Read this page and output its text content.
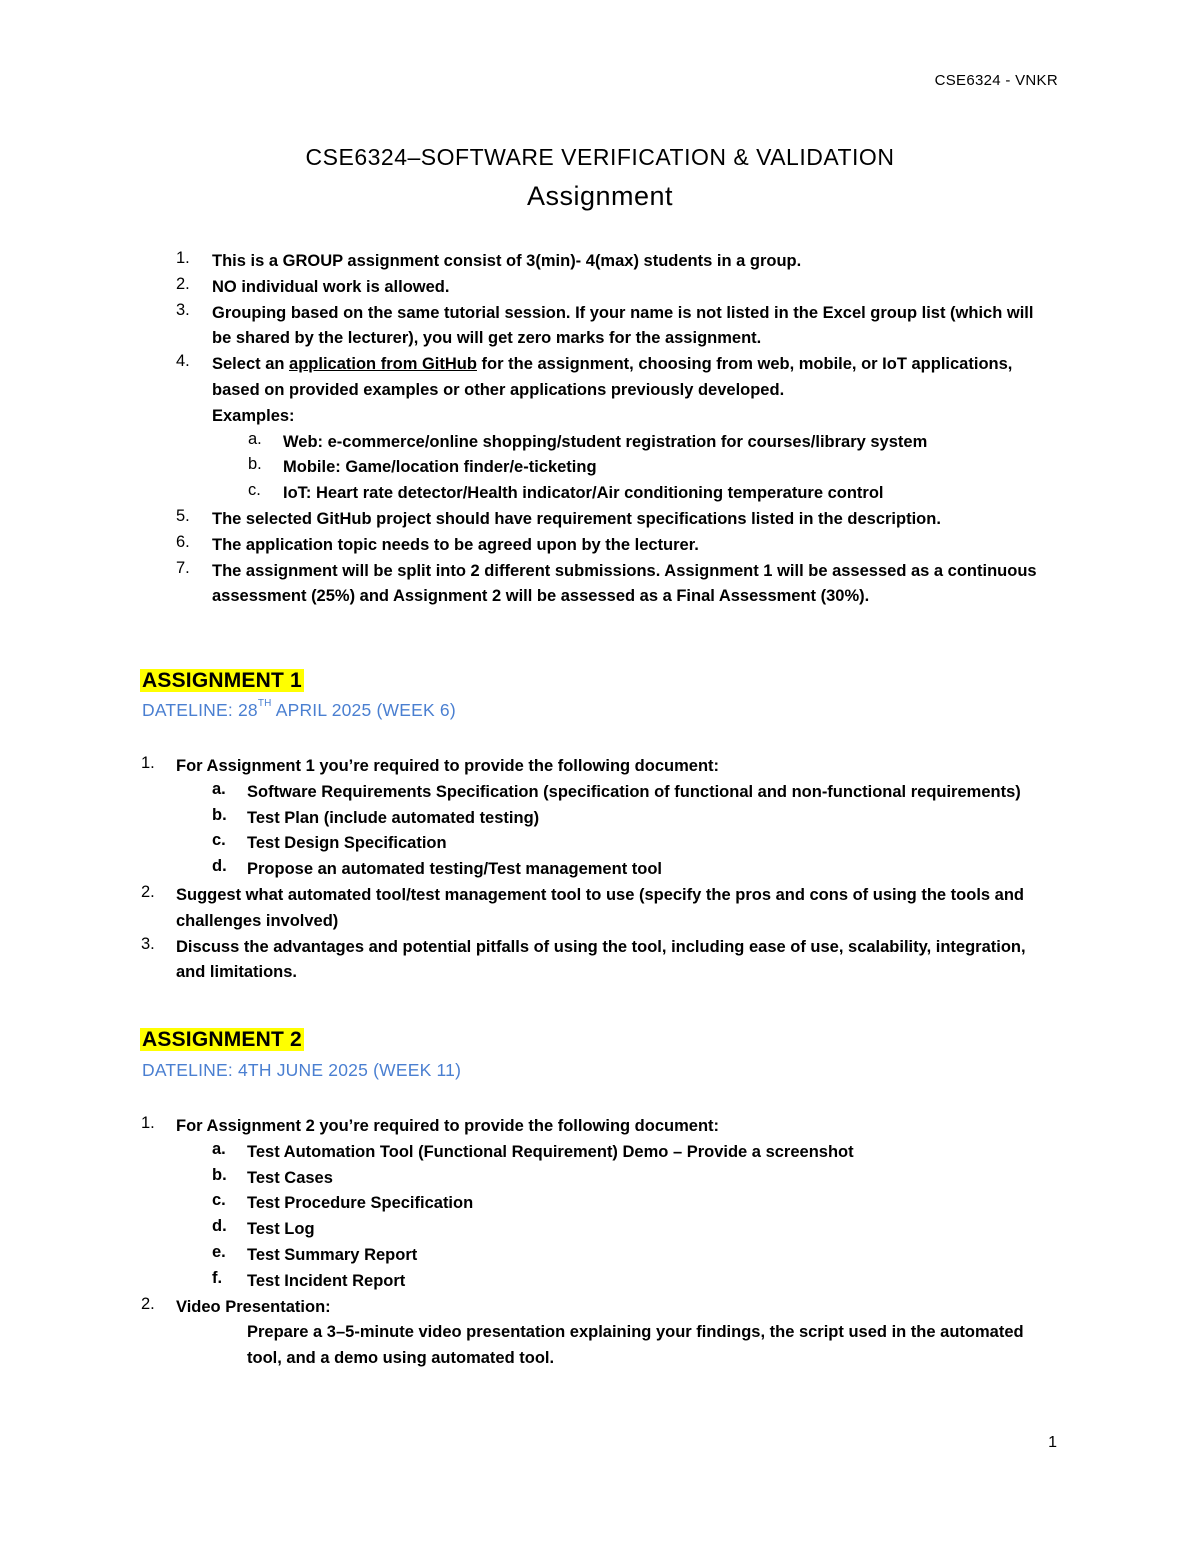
CSE6324 - VNKR
CSE6324–SOFTWARE VERIFICATION & VALIDATION
Assignment
1.	This is a GROUP assignment consist of 3(min)- 4(max) students in a group.
2.	NO individual work is allowed.
3.	Grouping based on the same tutorial session. If your name is not listed in the Excel group list (which will
be shared by the lecturer), you will get zero marks for the assignment.
4.	Select an application from GitHub for the assignment, choosing from web, mobile, or IoT applications,
based on provided examples or other applications previously developed.
Examples:
a. Web: e-commerce/online shopping/student registration for courses/library system
b. Mobile: Game/location finder/e-ticketing
c. IoT: Heart rate detector/Health indicator/Air conditioning temperature control
5.	The selected GitHub project should have requirement specifications listed in the description.
6.	The application topic needs to be agreed upon by the lecturer.
7.	The assignment will be split into 2 different submissions. Assignment 1 will be assessed as a continuous
assessment (25%) and Assignment 2 will be assessed as a Final Assessment (30%).
ASSIGNMENT 1
DATELINE: 28TH APRIL 2025 (WEEK 6)
1.	For Assignment 1 you’re required to provide the following document:
a. Software Requirements Specification (specification of functional and non-functional requirements)
b. Test Plan (include automated testing)
c. Test Design Specification
d. Propose an automated testing/Test management tool
2.	Suggest what automated tool/test management tool to use (specify the pros and cons of using the tools and
challenges involved)
3.	Discuss the advantages and potential pitfalls of using the tool, including ease of use, scalability, integration,
and limitations.
ASSIGNMENT 2
DATELINE: 4TH JUNE 2025 (WEEK 11)
1.	For Assignment 2 you’re required to provide the following document:
a. Test Automation Tool (Functional Requirement) Demo – Provide a screenshot
b. Test Cases
c. Test Procedure Specification
d. Test Log
e. Test Summary Report
f. Test Incident Report
2.	Video Presentation:
Prepare a 3–5-minute video presentation explaining your findings, the script used in the automated
tool, and a demo using automated tool.
1
